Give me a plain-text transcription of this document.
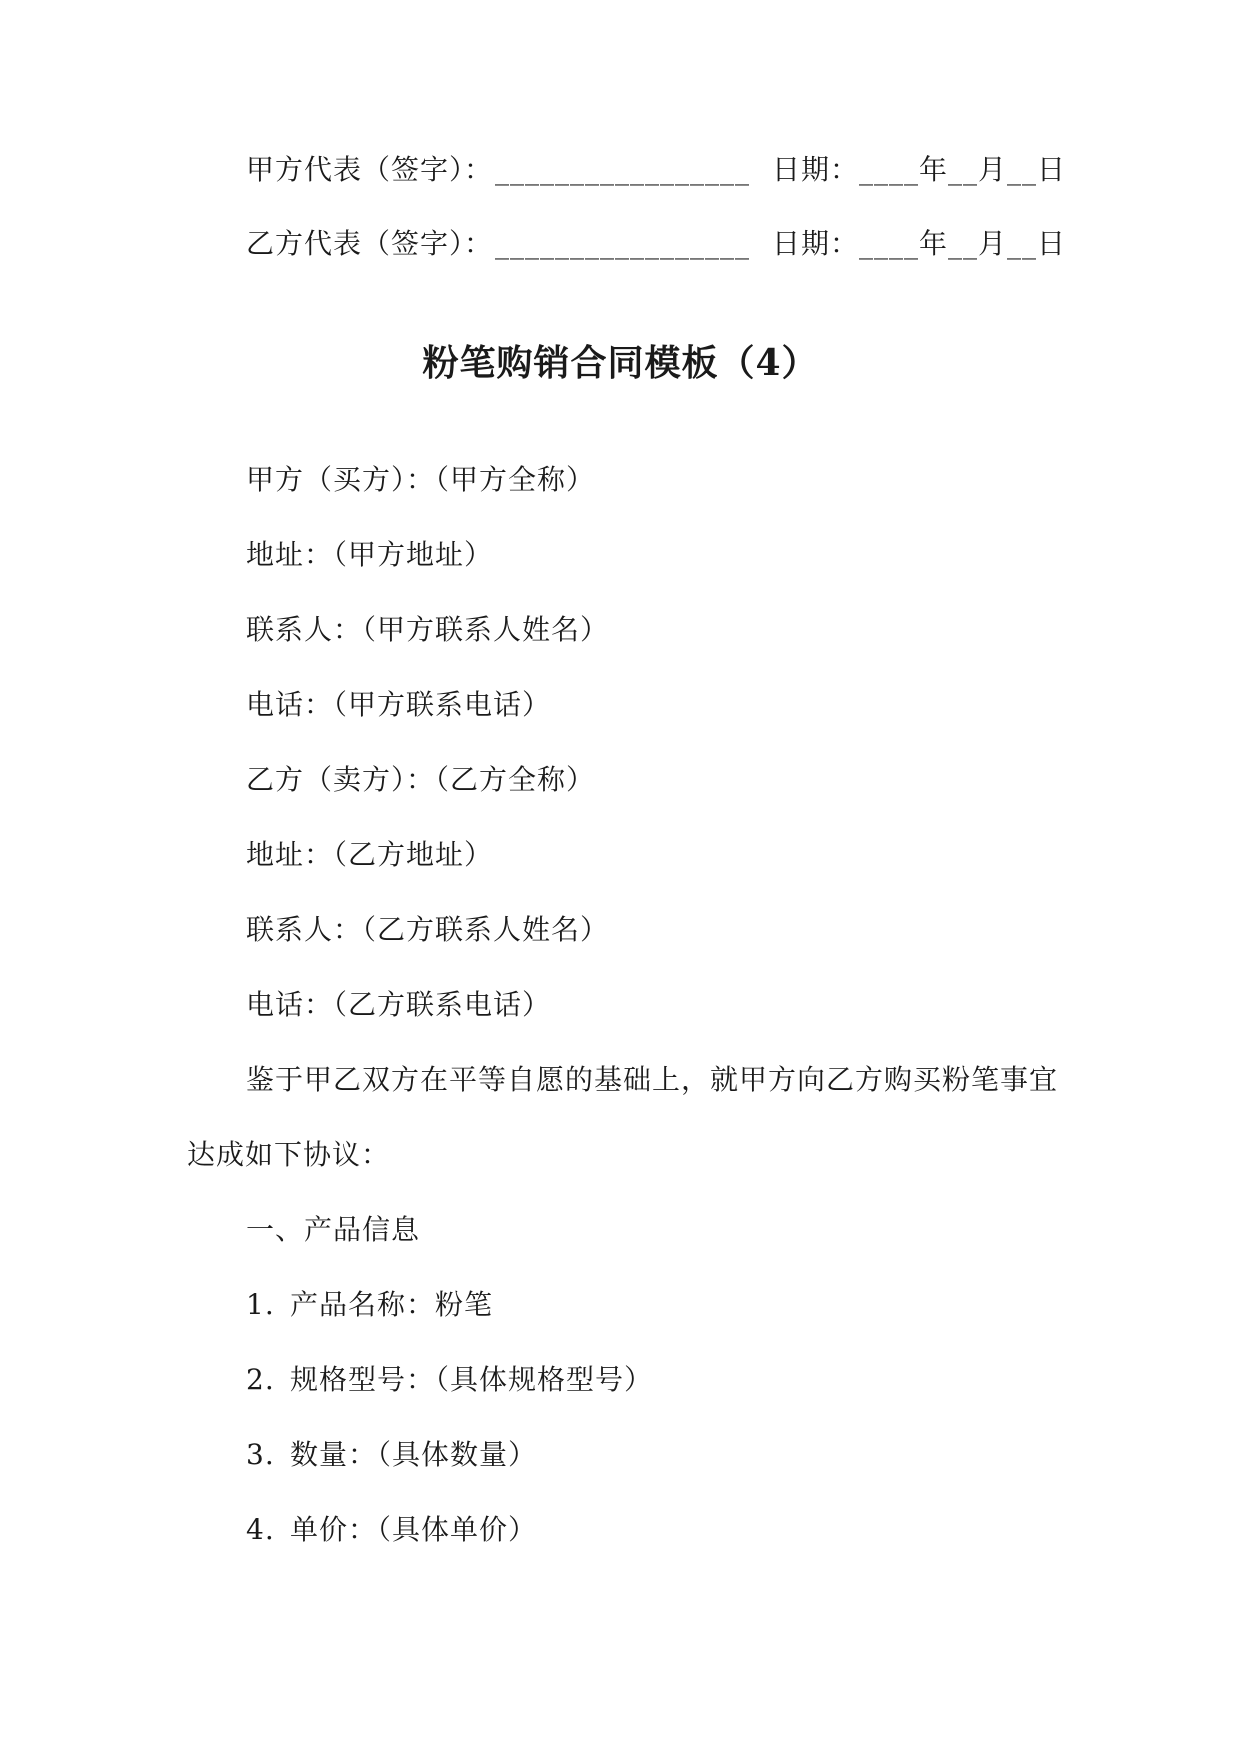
甲方代表（签字）：_________________ 日期：____年__月__日
乙方代表（签字）：_________________ 日期：____年__月__日
粉笔购销合同模板（4）
甲方（买方）：（甲方全称）
地址：（甲方地址）
联系人：（甲方联系人姓名）
电话：（甲方联系电话）
乙方（卖方）：（乙方全称）
地址：（乙方地址）
联系人：（乙方联系人姓名）
电话：（乙方联系电话）
鉴于甲乙双方在平等自愿的基础上，就甲方向乙方购买粉笔事宜
达成如下协议：
一、产品信息
1. 产品名称：粉笔
2. 规格型号：（具体规格型号）
3. 数量：（具体数量）
4. 单价：（具体单价）
